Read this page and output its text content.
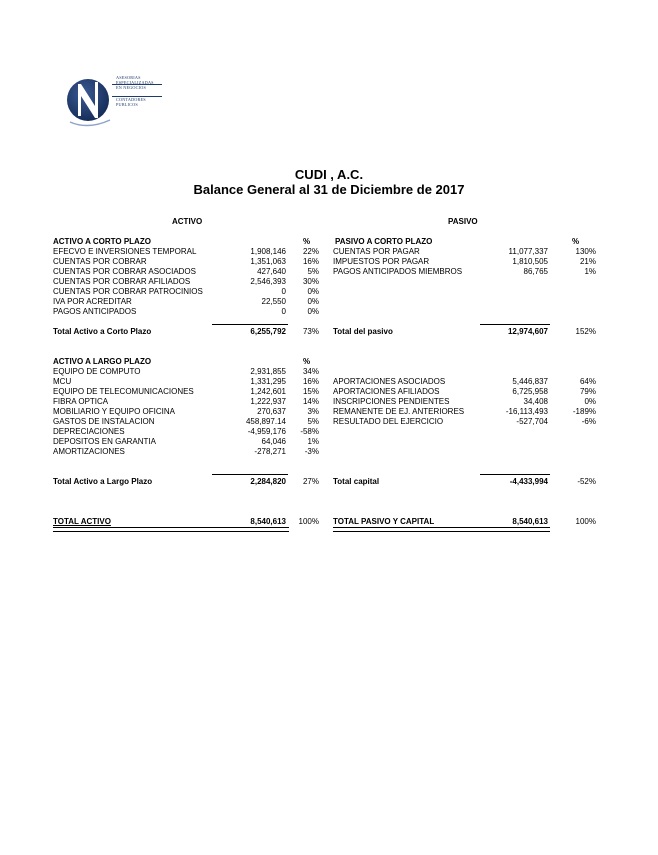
ASESORIAS
ESPECIALIZADAS
EN NEGOCIOS
CONTADORES
PUBLICOS
CUDI , A.C.
Balance General al 31 de Diciembre de 2017
ACTIVO	PASIVO
ACTIVO A CORTO PLAZO	%
EFECVO E INVERSIONES TEMPORAL	1,908,146	22%
CUENTAS POR COBRAR	1,351,063	16%
CUENTAS POR COBRAR ASOCIADOS	427,640	5%
CUENTAS POR COBRAR AFILIADOS	2,546,393	30%
CUENTAS POR COBRAR PATROCINIOS	0	0%
IVA POR ACREDITAR	22,550	0%
PAGOS ANTICIPADOS	0	0%
Total Activo a Corto Plazo	6,255,792	73%
ACTIVO A LARGO PLAZO	%
EQUIPO DE COMPUTO	2,931,855	34%
MCU	1,331,295	16%
EQUIPO DE TELECOMUNICACIONES	1,242,601	15%
FIBRA OPTICA	1,222,937	14%
MOBILIARIO Y EQUIPO OFICINA	270,637	3%
GASTOS DE INSTALACION	458,897.14	5%
DEPRECIACIONES	-4,959,176	-58%
DEPOSITOS EN GARANTIA	64,046	1%
AMORTIZACIONES	-278,271	-3%
Total Activo a Largo Plazo	2,284,820	27%
TOTAL ACTIVO	8,540,613	100%
PASIVO A CORTO PLAZO	%
CUENTAS POR PAGAR	11,077,337	130%
IMPUESTOS POR PAGAR	1,810,505	21%
PAGOS ANTICIPADOS MIEMBROS	86,765	1%
Total del pasivo	12,974,607	152%
APORTACIONES ASOCIADOS	5,446,837	64%
APORTACIONES AFILIADOS	6,725,958	79%
INSCRIPCIONES PENDIENTES	34,408	0%
REMANENTE DE EJ. ANTERIORES	-16,113,493	-189%
RESULTADO DEL EJERCICIO	-527,704	-6%
Total capital	-4,433,994	-52%
TOTAL PASIVO Y CAPITAL	8,540,613	100%
